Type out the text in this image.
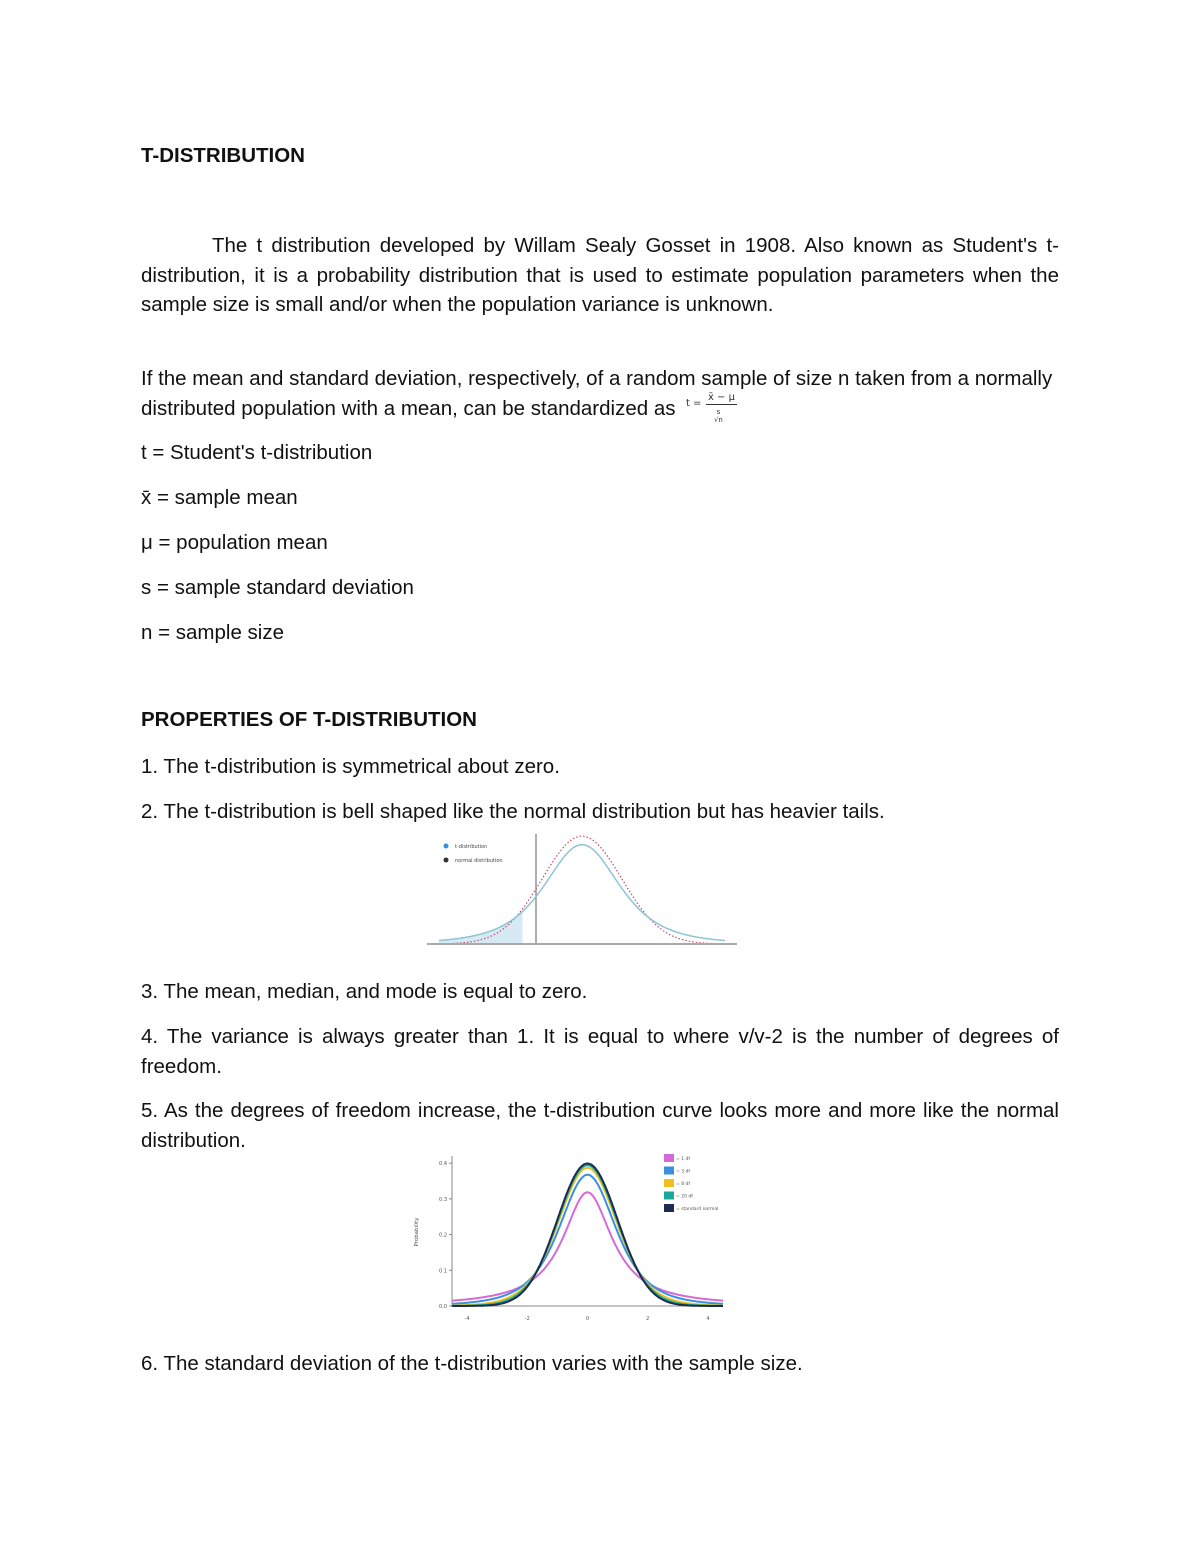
T-DISTRIBUTION

The t distribution developed by Willam Sealy Gosset in 1908. Also known as Student's t-distribution, it is a probability distribution that is used to estimate population parameters when the sample size is small and/or when the population variance is unknown.

If the mean and standard deviation, respectively, of a random sample of size n taken from a normally distributed population with a mean, can be standardized as

t =
x̄ − μ
s
√n

t = Student's t-distribution

x̄ = sample mean

μ = population mean

s = sample standard deviation

n = sample size

PROPERTIES OF T-DISTRIBUTION

1. The t-distribution is symmetrical about zero.

2. The t-distribution is bell shaped like the normal distribution but has heavier tails.

3. The mean, median, and mode is equal to zero.

4. The variance is always greater than 1. It is equal to where v/v-2 is the number of degrees of freedom.

5. As the degrees of freedom increase, the t-distribution curve looks more and more like the normal distribution.

6. The standard deviation of the t-distribution varies with the sample size.

t-distribution
normal distribution
0.0
0.1
0.2
0.3
0.4
-4	-2	0	2	4
Probability
= 1 df
= 3 df
= 8 df
= 20 df
= standard normal
